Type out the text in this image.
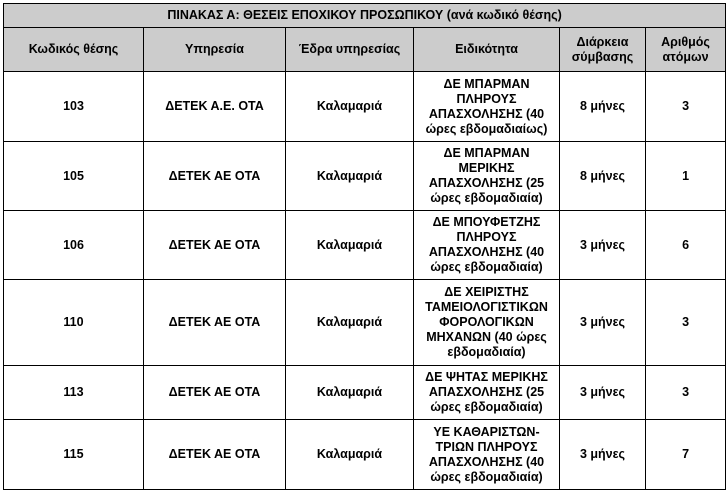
ΠΙΝΑΚΑΣ Α: ΘΕΣΕΙΣ ΕΠΟΧΙΚΟΥ ΠΡΟΣΩΠΙΚΟΥ (ανά κωδικό θέσης)					
Κωδικός θέσης	Υπηρεσία	Έδρα υπηρεσίας	Ειδικότητα	Διάρκεια σύμβασης	Αριθμός ατόμων
103	ΔΕΤΕΚ Α.Ε. ΟΤΑ	Καλαμαριά	ΔΕ ΜΠΑΡΜΑΝ ΠΛΗΡΟΥΣ ΑΠΑΣΧΟΛΗΣΗΣ (40 ώρες εβδομαδιαίως)	8 μήνες	3
105	ΔΕΤΕΚ ΑΕ ΟΤΑ	Καλαμαριά	ΔΕ ΜΠΑΡΜΑΝ ΜΕΡΙΚΗΣ ΑΠΑΣΧΟΛΗΣΗΣ (25 ώρες εβδομαδιαία)	8 μήνες	1
106	ΔΕΤΕΚ ΑΕ ΟΤΑ	Καλαμαριά	ΔΕ ΜΠΟΥΦΕΤΖΗΣ ΠΛΗΡΟΥΣ ΑΠΑΣΧΟΛΗΣΗΣ (40 ώρες εβδομαδιαία)	3 μήνες	6
110	ΔΕΤΕΚ ΑΕ ΟΤΑ	Καλαμαριά	ΔΕ ΧΕΙΡΙΣΤΗΣ ΤΑΜΕΙΟΛΟΓΙΣΤΙΚΩΝ ΦΟΡΟΛΟΓΙΚΩΝ ΜΗΧΑΝΩΝ (40 ώρες εβδομαδιαία)	3 μήνες	3
113	ΔΕΤΕΚ ΑΕ ΟΤΑ	Καλαμαριά	ΔΕ ΨΗΤΑΣ ΜΕΡΙΚΗΣ ΑΠΑΣΧΟΛΗΣΗΣ (25 ώρες εβδομαδιαία)	3 μήνες	3
115	ΔΕΤΕΚ ΑΕ ΟΤΑ	Καλαμαριά	ΥΕ ΚΑΘΑΡΙΣΤΩΝ-ΤΡΙΩΝ ΠΛΗΡΟΥΣ ΑΠΑΣΧΟΛΗΣΗΣ (40 ώρες εβδομαδιαία)	3 μήνες	7
